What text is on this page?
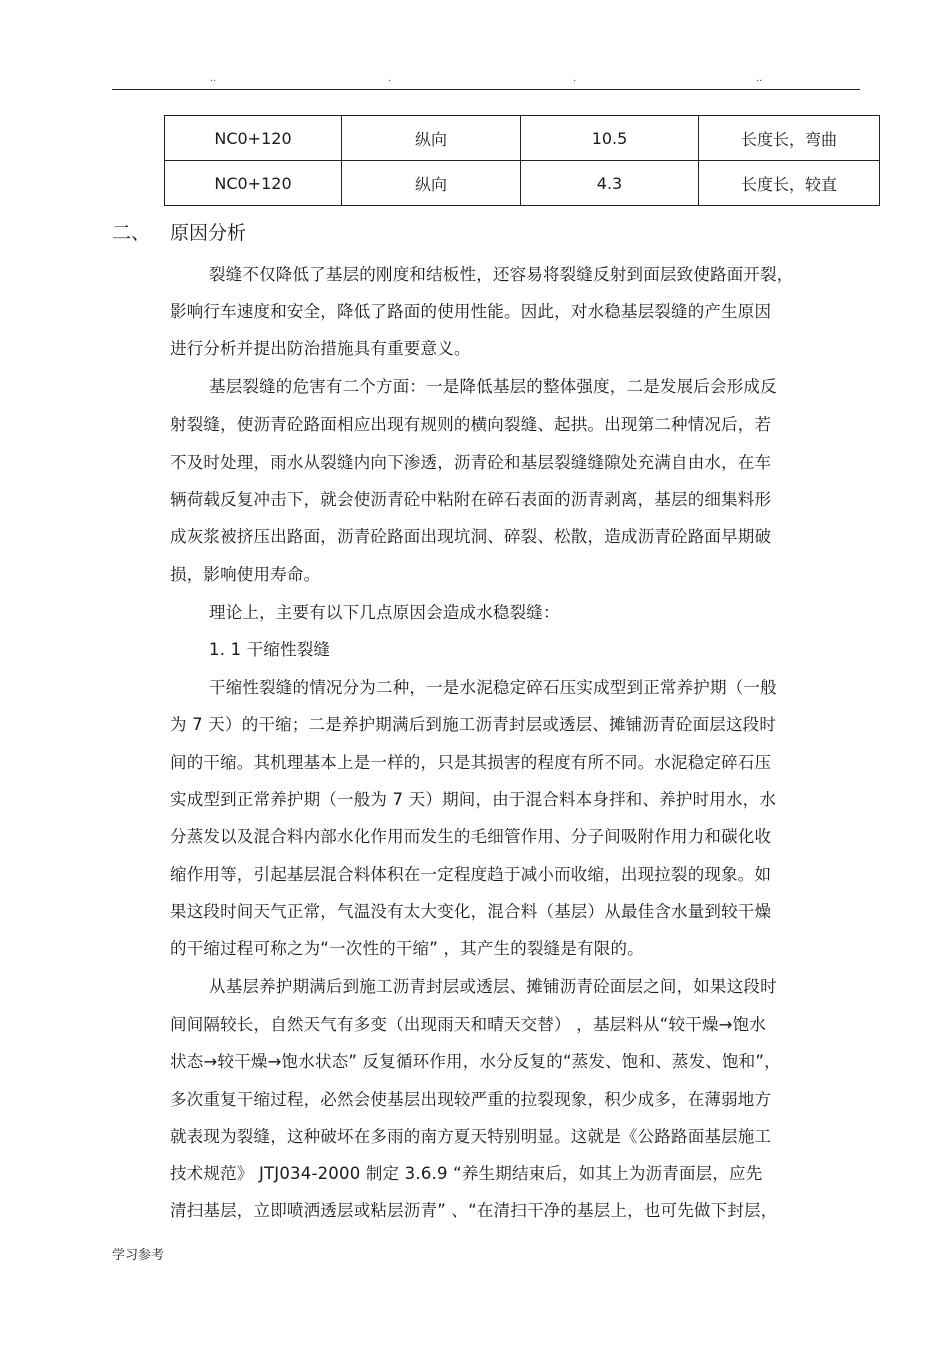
..	.	.	..
NC0+120	纵向	10.5	长度长，弯曲
NC0+120	纵向	4.3	长度长，较直
二、 原因分析
裂缝不仅降低了基层的刚度和结板性，还容易将裂缝反射到面层致使路面开裂，
影响行车速度和安全，降低了路面的使用性能。因此，对水稳基层裂缝的产生原因
进行分析并提出防治措施具有重要意义。
基层裂缝的危害有二个方面：一是降低基层的整体强度，二是发展后会形成反
射裂缝，使沥青砼路面相应出现有规则的横向裂缝、起拱。出现第二种情况后，若
不及时处理，雨水从裂缝内向下渗透，沥青砼和基层裂缝缝隙处充满自由水，在车
辆荷载反复冲击下，就会使沥青砼中粘附在碎石表面的沥青剥离，基层的细集料形
成灰浆被挤压出路面，沥青砼路面出现坑洞、碎裂、松散，造成沥青砼路面早期破
损，影响使用寿命。
理论上，主要有以下几点原因会造成水稳裂缝：
1. 1 干缩性裂缝
干缩性裂缝的情况分为二种，一是水泥稳定碎石压实成型到正常养护期（一般
为 7 天）的干缩；二是养护期满后到施工沥青封层或透层、摊铺沥青砼面层这段时
间的干缩。其机理基本上是一样的，只是其损害的程度有所不同。水泥稳定碎石压
实成型到正常养护期（一般为 7 天）期间，由于混合料本身拌和、养护时用水，水
分蒸发以及混合料内部水化作用而发生的毛细管作用、分子间吸附作用力和碳化收
缩作用等，引起基层混合料体积在一定程度趋于减小而收缩，出现拉裂的现象。如
果这段时间天气正常，气温没有太大变化，混合料（基层）从最佳含水量到较干燥
的干缩过程可称之为“一次性的干缩” ，其产生的裂缝是有限的。
从基层养护期满后到施工沥青封层或透层、摊铺沥青砼面层之间，如果这段时
间间隔较长，自然天气有多变（出现雨天和晴天交替） ，基层料从“较干燥→饱水
状态→较干燥→饱水状态” 反复循环作用，水分反复的“蒸发、饱和、蒸发、饱和”，
多次重复干缩过程，必然会使基层出现较严重的拉裂现象，积少成多，在薄弱地方
就表现为裂缝，这种破坏在多雨的南方夏天特别明显。这就是《公路路面基层施工
技术规范》 JTJ034-2000 制定 3.6.9 “养生期结束后，如其上为沥青面层，应先
清扫基层，立即喷洒透层或粘层沥青” 、“在清扫干净的基层上，也可先做下封层，
学习参考
